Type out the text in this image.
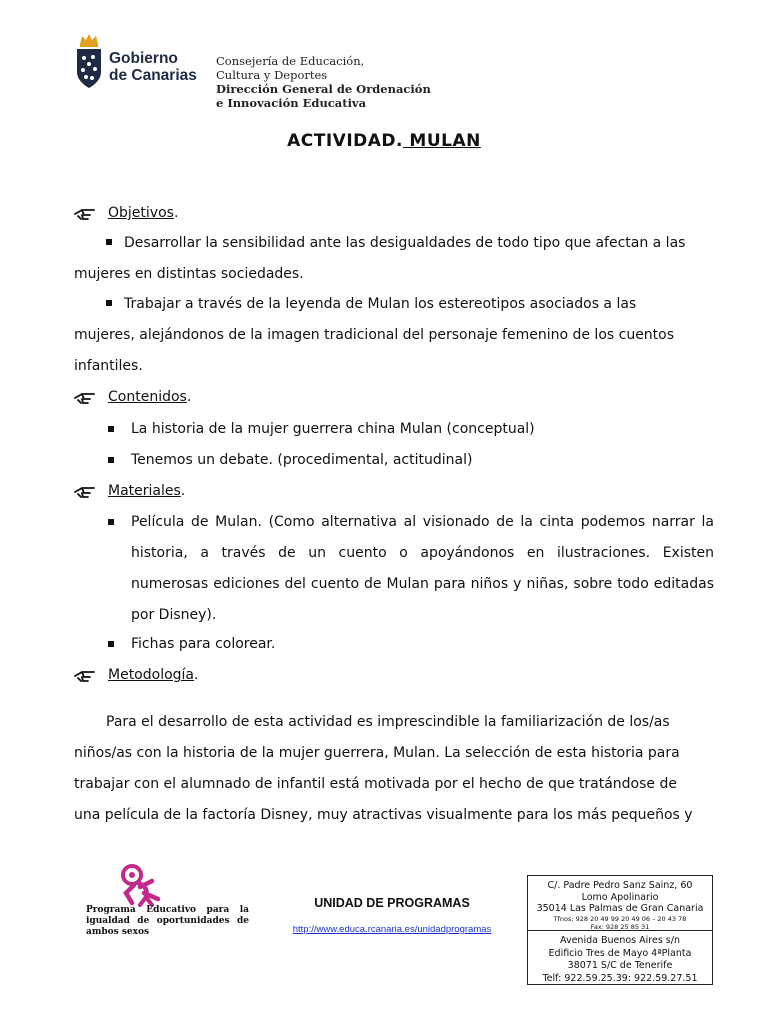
Gobierno
de Canarias
Consejería de Educación,
Cultura y Deportes
Dirección General de Ordenación
e Innovación Educativa
ACTIVIDAD. MULAN
Objetivos .
Desarrollar la sensibilidad ante las desigualdades de todo tipo que afectan a las
mujeres en distintas sociedades.
Trabajar a través de la leyenda de Mulan los estereotipos asociados a las
mujeres, alejándonos de la imagen tradicional del personaje femenino de los cuentos
infantiles.
Contenidos .
La historia de la mujer guerrera china Mulan (conceptual)
Tenemos un debate. (procedimental, actitudinal)
Materiales .
Película de Mulan. (Como alternativa al visionado de la cinta podemos narrar la historia, a través de un cuento o apoyándonos en ilustraciones. Existen numerosas ediciones del cuento de Mulan para niños y niñas, sobre todo editadas por Disney).
Fichas para colorear.
Metodología .
Para el desarrollo de esta actividad es imprescindible la familiarización de los/as
niños/as con la historia de la mujer guerrera, Mulan. La selección de esta historia para
trabajar con el alumnado de infantil está motivada por el hecho de que tratándose de
una película de la factoría Disney, muy atractivas visualmente para los más pequeños y
Programa Educativo para la igualdad de oportunidades de ambos sexos
UNIDAD DE PROGRAMAS
http://www.educa.rcanaria.es/unidadprogramas
C/. Padre Pedro Sanz Sainz, 60
Lomo Apolinario
35014 Las Palmas de Gran Canaria
Tfnos: 928 20 49 99 20 49 06 – 20 43 78
Fax: 928 25 85 31
Avenida Buenos Aires s/n
Edificio Tres de Mayo 4ªPlanta
38071 S/C de Tenerife
Telf: 922.59.25.39: 922.59.27.51
